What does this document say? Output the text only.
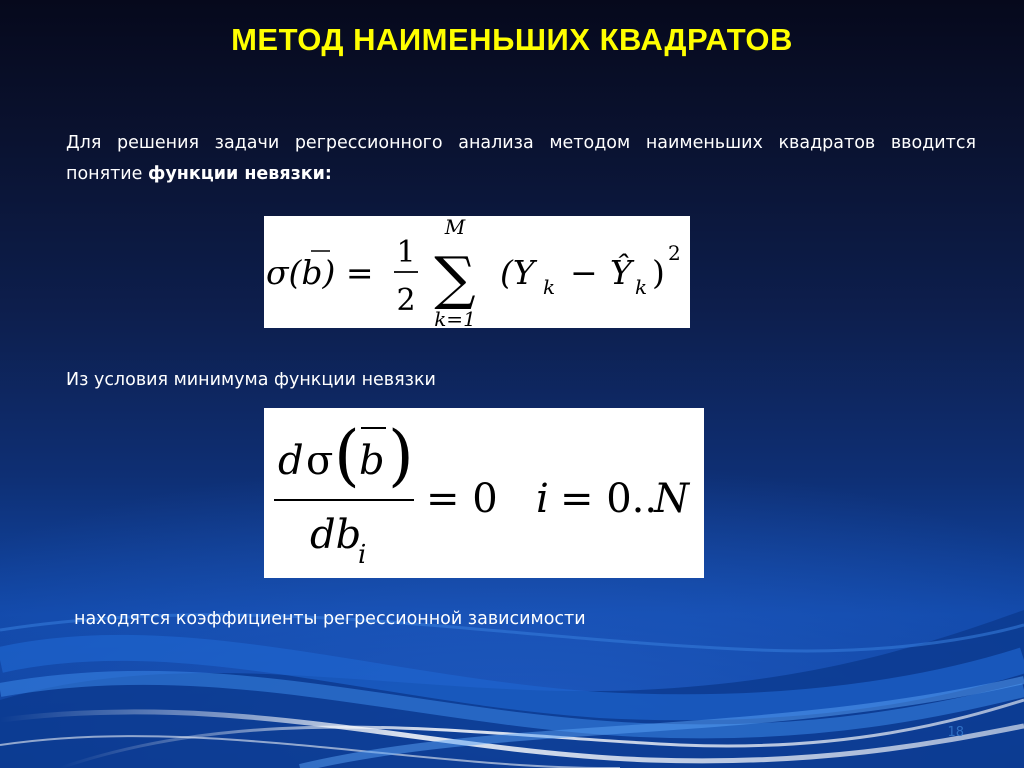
МЕТОД НАИМЕНЬШИХ КВАДРАТОВ
Для решения задачи регрессионного анализа методом наименьших квадратов вводится понятие функции невязки:
σ(b) =
1
2
M
∑
k=1
(Y k − Ŷ k ) 2
Из условия минимума функции невязки
d σ ( b )
db
i
= 0 i = 0..
N
находятся коэффициенты регрессионной зависимости
18
